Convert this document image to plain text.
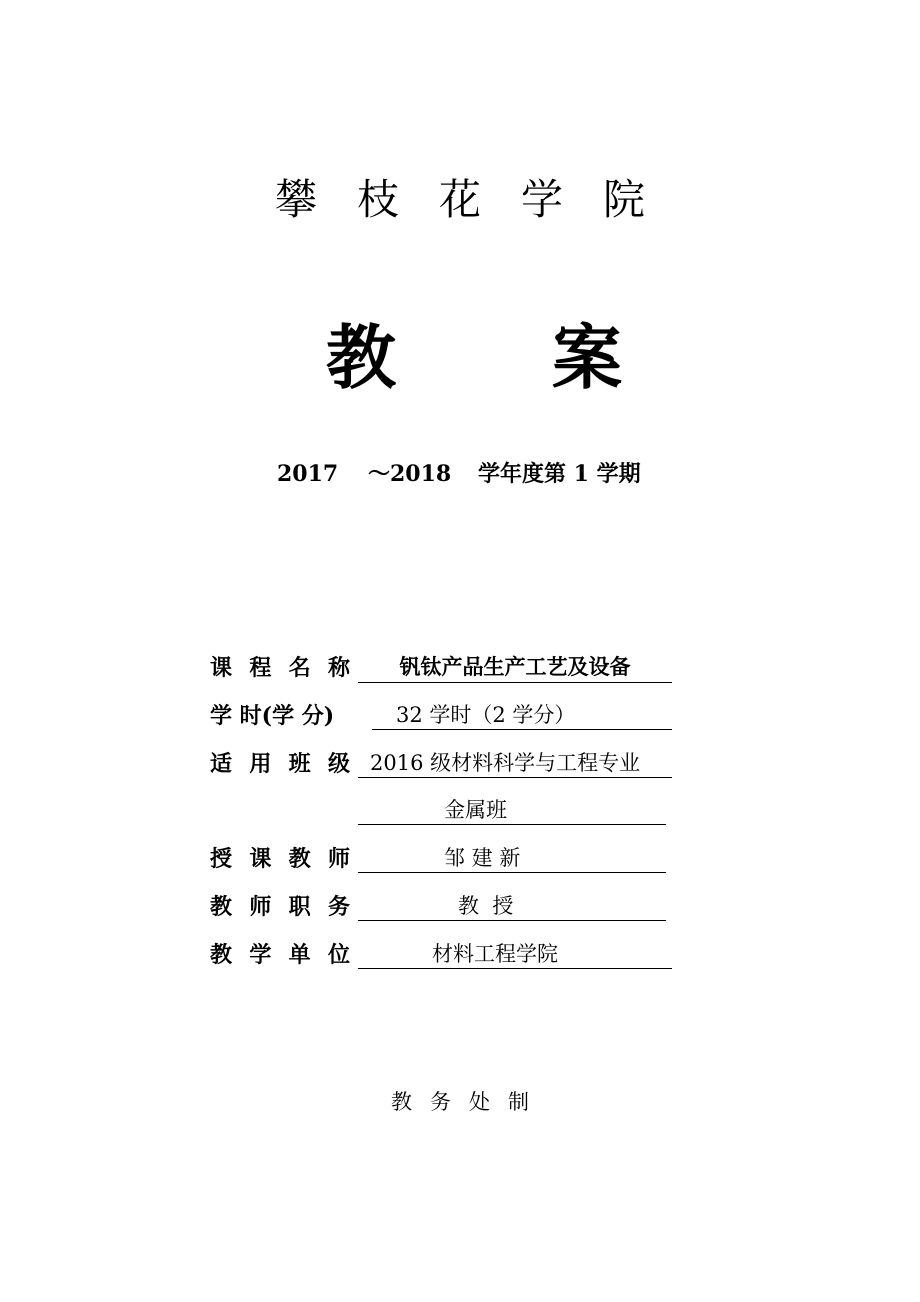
攀枝花学院
教 案
2017 ～2018 学年度第 1 学期
课 程 名 称	钒钛产品生产工艺及设备
学 时(学 分)	32 学时（2 学分）
适 用 班 级 2016 级材料科学与工程专业
金属班
授 课 教 师	邹 建 新
教 师 职 务	教  授
教 学 单 位	材料工程学院
教务处制
